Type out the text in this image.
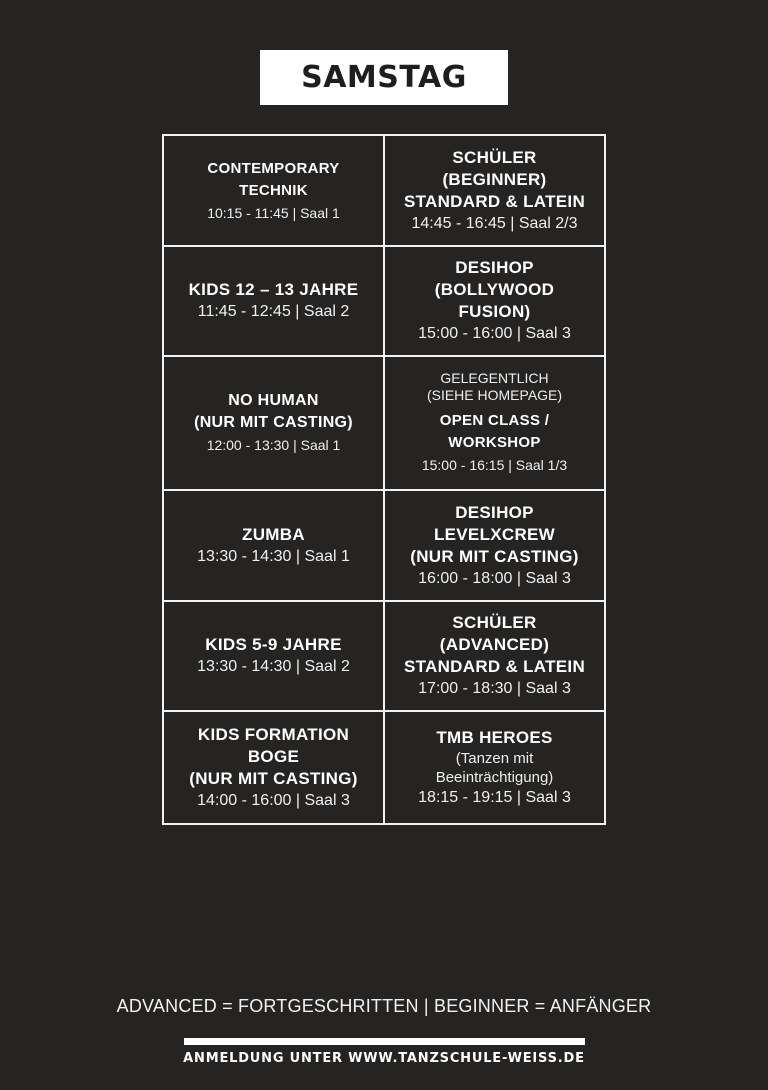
SAMSTAG
CONTEMPORARY
TECHNIK
10:15 - 11:45 | Saal 1	SCHÜLER
(BEGINNER)
STANDARD & LATEIN
14:45 - 16:45 | Saal 2/3

KIDS 12 – 13 JAHRE
11:45 - 12:45 | Saal 2	DESIHOP
(BOLLYWOOD
FUSION)
15:00 - 16:00 | Saal 3

NO HUMAN
(NUR MIT CASTING)
12:00 - 13:30 | Saal 1	GELEGENTLICH
(SIEHE HOMEPAGE)
OPEN CLASS /
WORKSHOP
15:00 - 16:15 | Saal 1/3

ZUMBA
13:30 - 14:30 | Saal 1	DESIHOP
LEVELXCREW
(NUR MIT CASTING)
16:00 - 18:00 | Saal 3

KIDS 5-9 JAHRE
13:30 - 14:30 | Saal 2	SCHÜLER
(ADVANCED)
STANDARD & LATEIN
17:00 - 18:30 | Saal 3

KIDS FORMATION
BOGE
(NUR MIT CASTING)
14:00 - 16:00 | Saal 3	TMB HEROES
(Tanzen mit
Beeinträchtigung)
18:15 - 19:15 | Saal 3
ADVANCED = FORTGESCHRITTEN | BEGINNER = ANFÄNGER
ANMELDUNG UNTER WWW.TANZSCHULE-WEISS.DE
